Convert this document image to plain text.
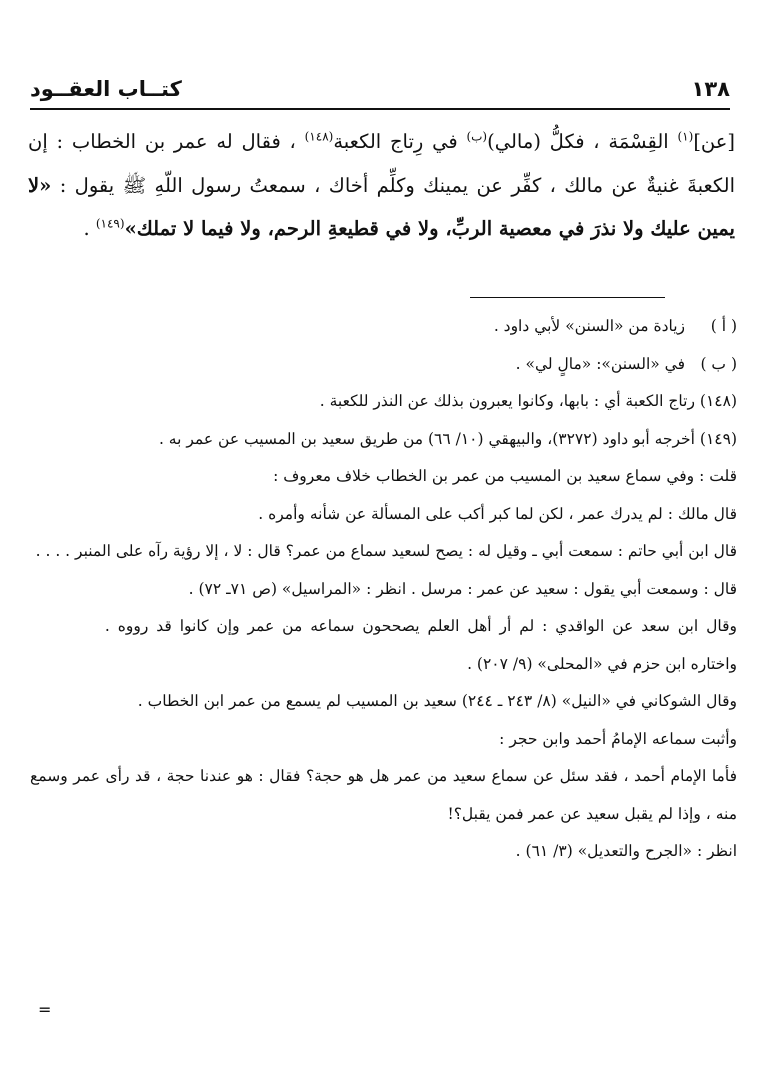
كتــاب العقــود	١٣٨

[عن]$^{(١)}$ القِسْمَة ، فكلُّ (مالي)$^{(ب)}$ في رِتاج الكعبة$^{(١٤٨)}$ ، فقال له عمر بن الخطاب : إن الكعبةَ غنيةٌ عن مالك ، كفِّر عن يمينك وكلِّم أخاك ، سمعتُ رسول اللّهِ ﷺ يقول : «لا يمين عليك ولا نذرَ في معصية الربِّ، ولا في قطيعةِ الرحم، ولا فيما لا تملك»$^{(١٤٩)}$ .

( أ )زيادة من «السنن» لأبي داود .

( ب )في «السنن»: «مالٍ لي» .

(١٤٨) رتاج الكعبة أي : بابها، وكانوا يعبرون بذلك عن النذر للكعبة .

(١٤٩) أخرجه أبو داود (٣٢٧٢)، والبيهقي (١٠/ ٦٦) من طريق سعيد بن المسيب عن عمر به .

قلت : وفي سماع سعيد بن المسيب من عمر بن الخطاب خلاف معروف :

قال مالك : لم يدرك عمر ، لكن لما كبر أكب على المسألة عن شأنه وأمره .

قال ابن أبي حاتم : سمعت أبي ـ وقيل له : يصح لسعيد سماع من عمر؟ قال : لا ، إلا رؤية رآه على المنبر . . . .

قال : وسمعت أبي يقول : سعيد عن عمر : مرسل . انظر : «المراسيل» (ص ٧١ـ ٧٢) .

وقال ابن سعد عن الواقدي : لم أر أهل العلم يصححون سماعه من عمر وإن كانوا قد رووه .

واختاره ابن حزم في «المحلى» (٩/ ٢٠٧) .

وقال الشوكاني في «النيل» (٨/ ٢٤٣ ـ ٢٤٤) سعيد بن المسيب لم يسمع من عمر ابن الخطاب .

وأثبت سماعه الإمامُ أحمد وابن حجر :

فأما الإمام أحمد ، فقد سئل عن سماع سعيد من عمر هل هو حجة؟ فقال : هو عندنا حجة ، قد رأى عمر وسمع منه ، وإذا لم يقبل سعيد عن عمر فمن يقبل؟!

انظر : «الجرح والتعديل» (٣/ ٦١) .

=
